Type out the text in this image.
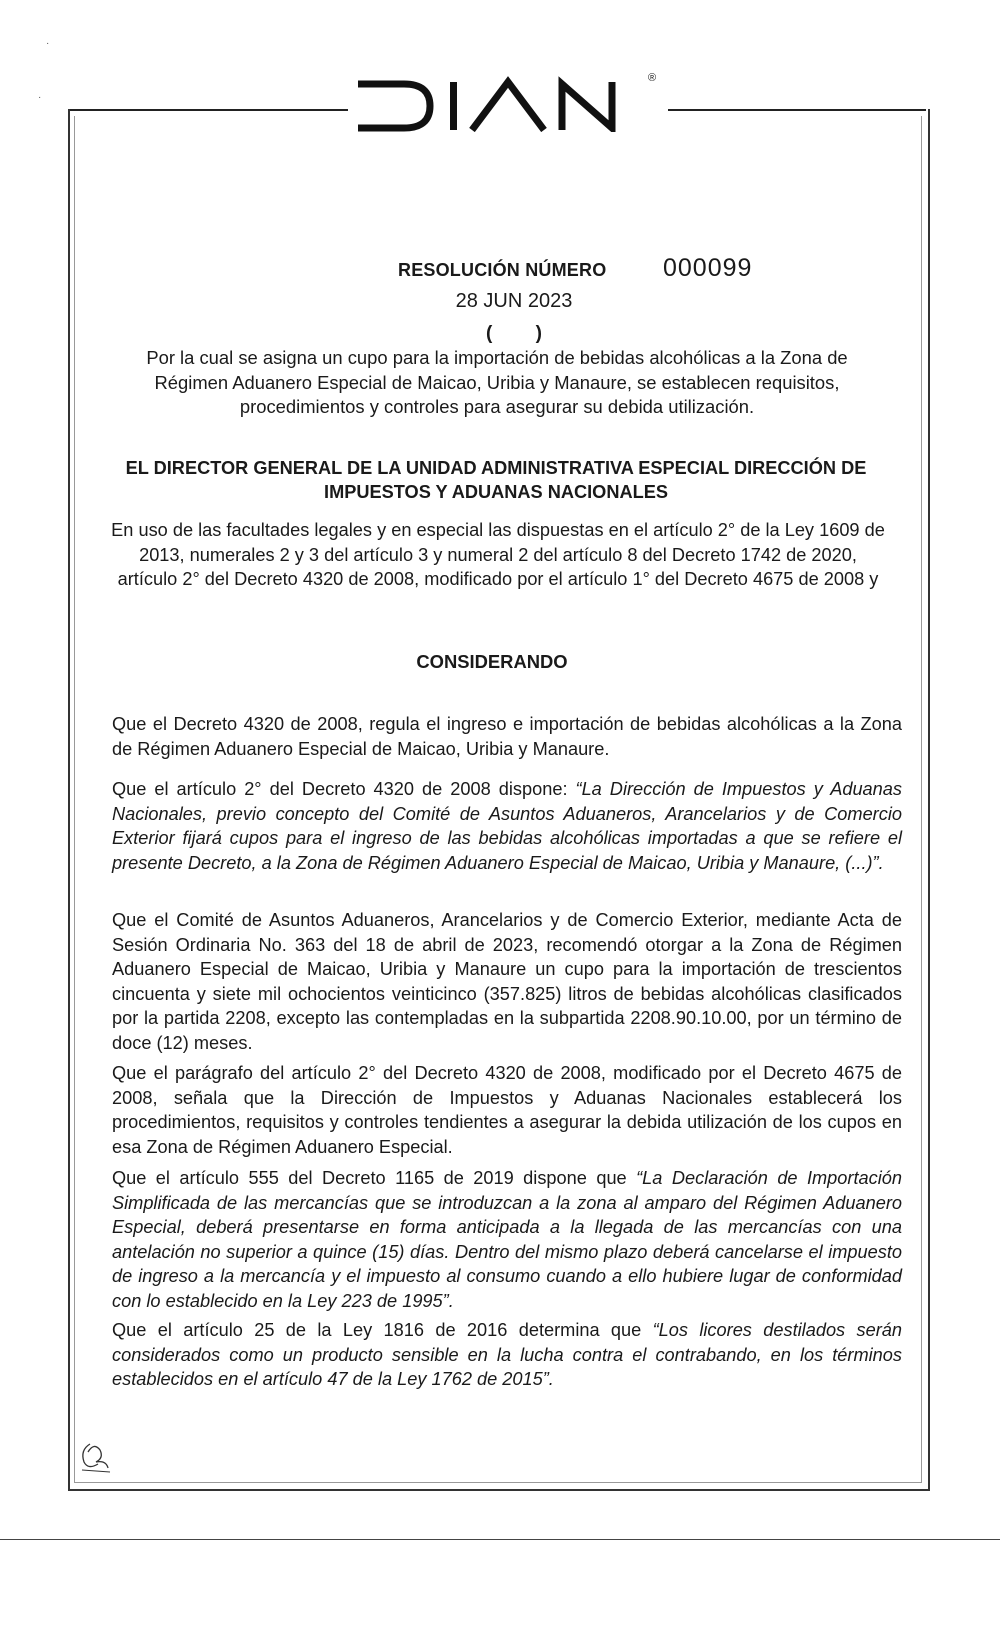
·
·
DIAN	®
RESOLUCIÓN NÚMERO 000099
28 JUN 2023
( )
Por la cual se asigna un cupo para la importación de bebidas alcohólicas a la Zona de Régimen Aduanero Especial de Maicao, Uribia y Manaure, se establecen requisitos, procedimientos y controles para asegurar su debida utilización.
EL DIRECTOR GENERAL DE LA UNIDAD ADMINISTRATIVA ESPECIAL DIRECCIÓN DE IMPUESTOS Y ADUANAS NACIONALES
En uso de las facultades legales y en especial las dispuestas en el artículo 2° de la Ley 1609 de 2013, numerales 2 y 3 del artículo 3 y numeral 2 del artículo 8 del Decreto 1742 de 2020, artículo 2° del Decreto 4320 de 2008, modificado por el artículo 1° del Decreto 4675 de 2008 y
CONSIDERANDO
Que el Decreto 4320 de 2008, regula el ingreso e importación de bebidas alcohólicas a la Zona de Régimen Aduanero Especial de Maicao, Uribia y Manaure.
Que el artículo 2° del Decreto 4320 de 2008 dispone: “La Dirección de Impuestos y Aduanas Nacionales, previo concepto del Comité de Asuntos Aduaneros, Arancelarios y de Comercio Exterior fijará cupos para el ingreso de las bebidas alcohólicas importadas a que se refiere el presente Decreto, a la Zona de Régimen Aduanero Especial de Maicao, Uribia y Manaure, (...)”.
Que el Comité de Asuntos Aduaneros, Arancelarios y de Comercio Exterior, mediante Acta de Sesión Ordinaria No. 363 del 18 de abril de 2023, recomendó otorgar a la Zona de Régimen Aduanero Especial de Maicao, Uribia y Manaure un cupo para la importación de trescientos cincuenta y siete mil ochocientos veinticinco (357.825) litros de bebidas alcohólicas clasificados por la partida 2208, excepto las contempladas en la subpartida 2208.90.10.00, por un término de doce (12) meses.
Que el parágrafo del artículo 2° del Decreto 4320 de 2008, modificado por el Decreto 4675 de 2008, señala que la Dirección de Impuestos y Aduanas Nacionales establecerá los procedimientos, requisitos y controles tendientes a asegurar la debida utilización de los cupos en esa Zona de Régimen Aduanero Especial.
Que el artículo 555 del Decreto 1165 de 2019 dispone que “La Declaración de Importación Simplificada de las mercancías que se introduzcan a la zona al amparo del Régimen Aduanero Especial, deberá presentarse en forma anticipada a la llegada de las mercancías con una antelación no superior a quince (15) días. Dentro del mismo plazo deberá cancelarse el impuesto de ingreso a la mercancía y el impuesto al consumo cuando a ello hubiere lugar de conformidad con lo establecido en la Ley 223 de 1995”.
Que el artículo 25 de la Ley 1816 de 2016 determina que “Los licores destilados serán considerados como un producto sensible en la lucha contra el contrabando, en los términos establecidos en el artículo 47 de la Ley 1762 de 2015”.
